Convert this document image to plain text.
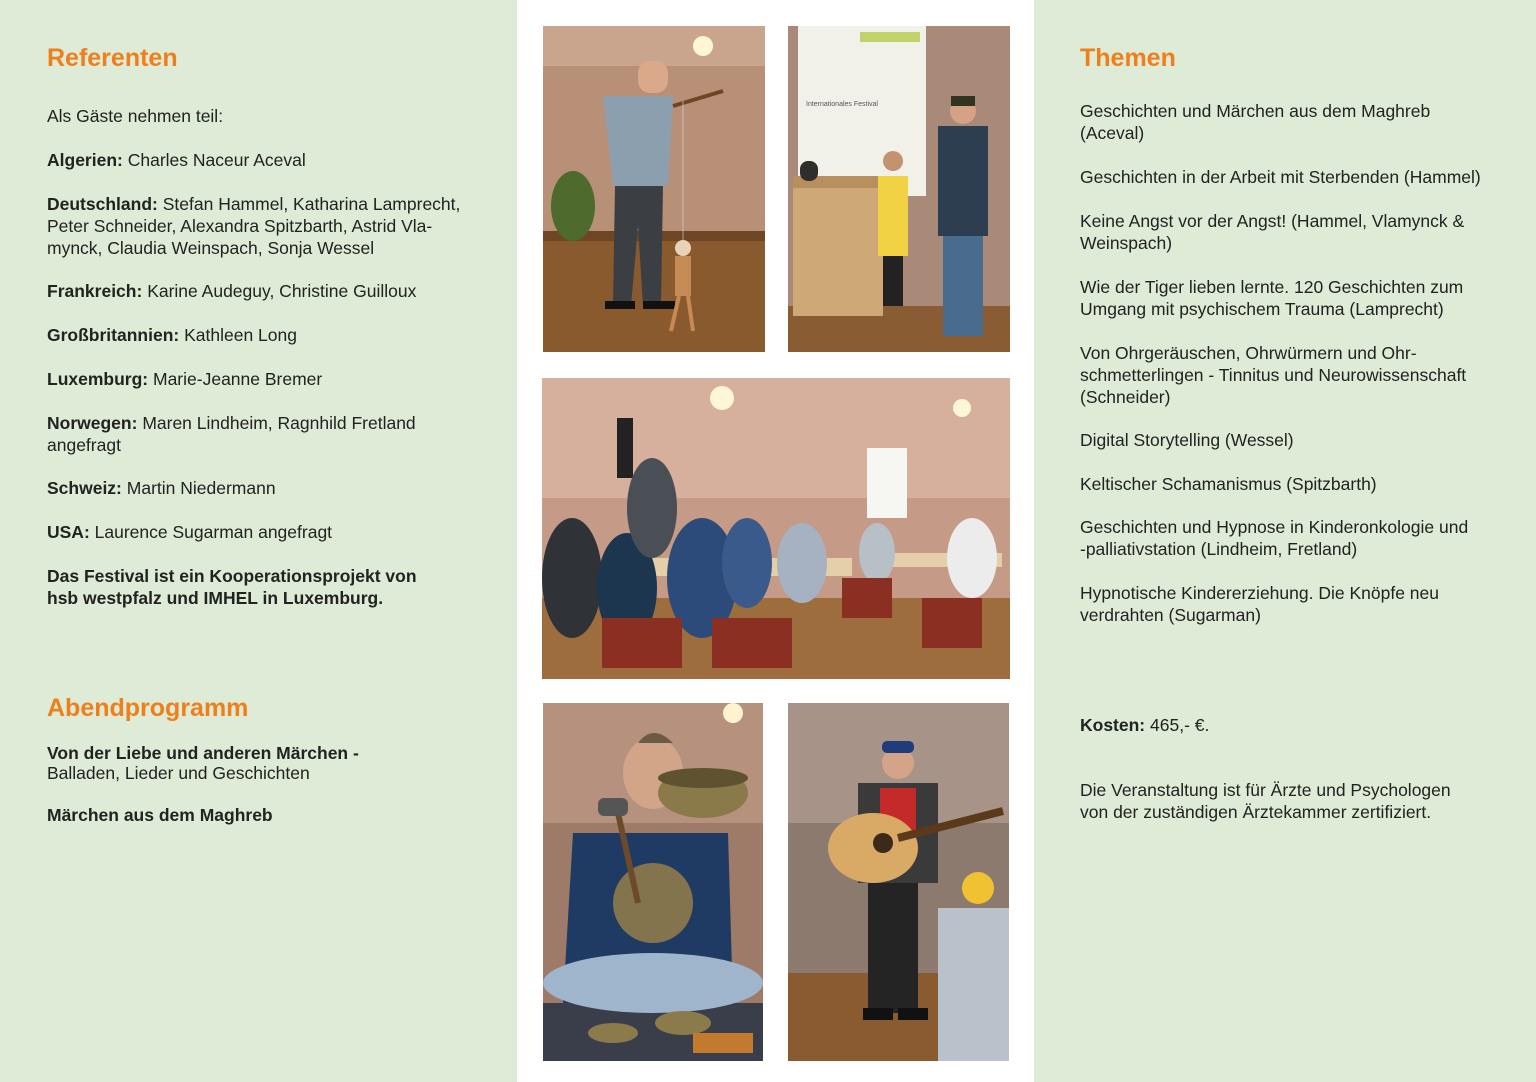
Referenten

Als Gäste nehmen teil:

Algerien: Charles Naceur Aceval

Deutschland: Stefan Hammel, Katharina Lamprecht,
Peter Schneider, Alexandra Spitzbarth, Astrid Vla-
mynck, Claudia Weinspach, Sonja Wessel

Frankreich: Karine Audeguy, Christine Guilloux

Großbritannien: Kathleen Long

Luxemburg: Marie-Jeanne Bremer

Norwegen: Maren Lindheim, Ragnhild Fretland
angefragt

Schweiz: Martin Niedermann

USA: Laurence Sugarman angefragt

Das Festival ist ein Kooperationsprojekt von
hsb westpfalz und IMHEL in Luxemburg.

Abendprogramm

Von der Liebe und anderen Märchen -
Balladen, Lieder und Geschichten

Märchen aus dem Maghreb

Internationales Festival
Themen

Geschichten und Märchen aus dem Maghreb
(Aceval)

Geschichten in der Arbeit mit Sterbenden (Hammel)

Keine Angst vor der Angst! (Hammel, Vlamynck &
Weinspach)

Wie der Tiger lieben lernte. 120 Geschichten zum
Umgang mit psychischem Trauma (Lamprecht)

Von Ohrgeräuschen, Ohrwürmern und Ohr-
schmetterlingen - Tinnitus und Neurowissenschaft
(Schneider)

Digital Storytelling (Wessel)

Keltischer Schamanismus (Spitzbarth)

Geschichten und Hypnose in Kinderonkologie und
-palliativstation (Lindheim, Fretland)

Hypnotische Kindererziehung. Die Knöpfe neu
verdrahten (Sugarman)

Kosten: 465,- €.

Die Veranstaltung ist für Ärzte und Psychologen
von der zuständigen Ärztekammer zertifiziert.
